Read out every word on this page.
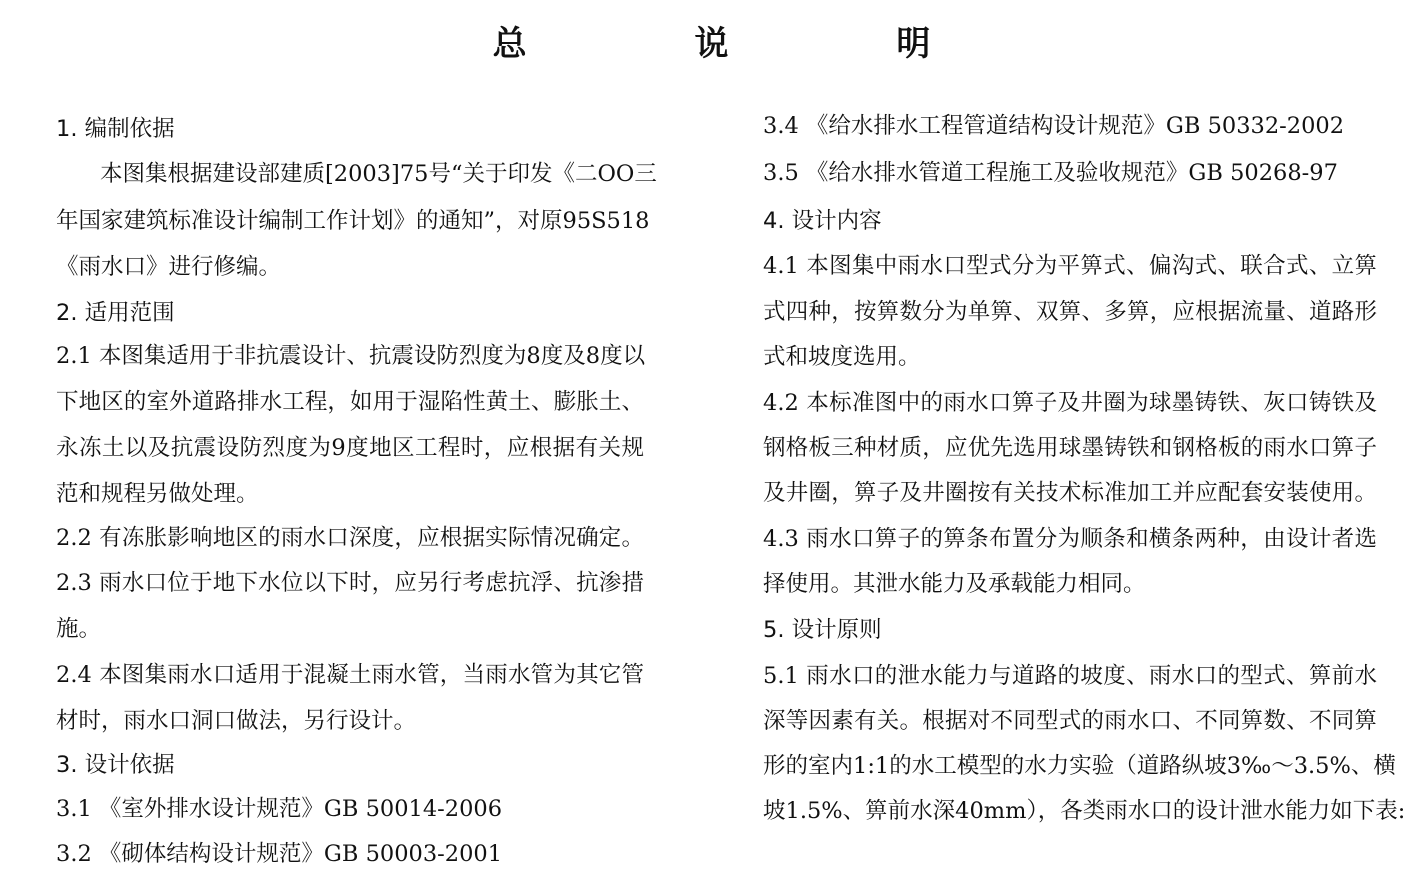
总 说 明
1. 编制依据
本图集根据建设部建质[2003]75号“关于印发《二OO三
年国家建筑标准设计编制工作计划》的通知”，对原95S518
《雨水口》进行修编。
2. 适用范围
2.1 本图集适用于非抗震设计、抗震设防烈度为8度及8度以
下地区的室外道路排水工程，如用于湿陷性黄土、膨胀土、
永冻土以及抗震设防烈度为9度地区工程时，应根据有关规
范和规程另做处理。
2.2 有冻胀影响地区的雨水口深度，应根据实际情况确定。
2.3 雨水口位于地下水位以下时，应另行考虑抗浮、抗渗措
施。
2.4 本图集雨水口适用于混凝土雨水管，当雨水管为其它管
材时，雨水口洞口做法，另行设计。
3. 设计依据
3.1 《室外排水设计规范》GB 50014-2006
3.2 《砌体结构设计规范》GB 50003-2001
3.4 《给水排水工程管道结构设计规范》GB 50332-2002
3.5 《给水排水管道工程施工及验收规范》GB 50268-97
4. 设计内容
4.1 本图集中雨水口型式分为平箅式、偏沟式、联合式、立箅
式四种，按箅数分为单箅、双箅、多箅，应根据流量、道路形
式和坡度选用。
4.2 本标准图中的雨水口箅子及井圈为球墨铸铁、灰口铸铁及
钢格板三种材质，应优先选用球墨铸铁和钢格板的雨水口箅子
及井圈，箅子及井圈按有关技术标准加工并应配套安装使用。
4.3 雨水口箅子的箅条布置分为顺条和横条两种，由设计者选
择使用。其泄水能力及承载能力相同。
5. 设计原则
5.1 雨水口的泄水能力与道路的坡度、雨水口的型式、箅前水
深等因素有关。根据对不同型式的雨水口、不同箅数、不同箅
形的室内1:1的水工模型的水力实验（道路纵坡3‰～3.5%、横
坡1.5%、箅前水深40mm），各类雨水口的设计泄水能力如下表:
